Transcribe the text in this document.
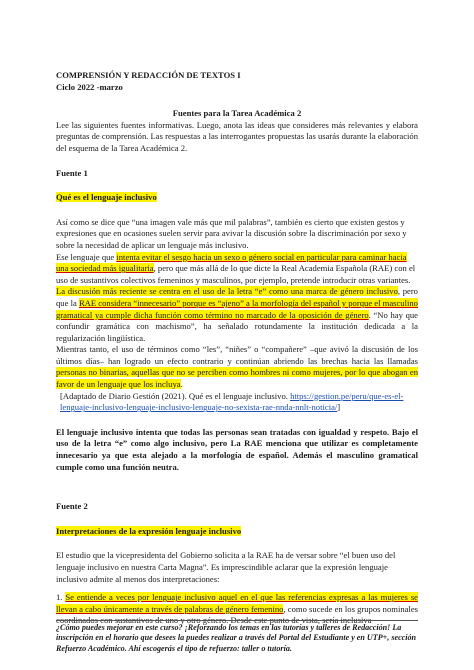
COMPRENSIÓN Y REDACCIÓN DE TEXTOS I

Ciclo 2022 -marzo

Fuentes para la Tarea Académica 2

Lee las siguientes fuentes informativas. Luego, anota las ideas que consideres más relevantes y elabora preguntas de comprensión. Las respuestas a las interrogantes propuestas las usarás durante la elaboración del esquema de la Tarea Académica 2.

Fuente 1

Qué es el lenguaje inclusivo

Así como se dice que “una imagen vale más que mil palabras”, también es cierto que existen gestos y expresiones que en ocasiones suelen servir para avivar la discusión sobre la discriminación por sexo y sobre la necesidad de aplicar un lenguaje más inclusivo.

Ese lenguaje que intenta evitar el sesgo hacia un sexo o género social en particular para caminar hacia una sociedad más igualitaria, pero que más allá de lo que dicte la Real Academia Española (RAE) con el uso de sustantivos colectivos femeninos y masculinos, por ejemplo, pretende introducir otras variantes.

La discusión más reciente se centra en el uso de la letra “e” como una marca de género inclusivo, pero que la RAE considera “innecesario” porque es “ajeno” a la morfología del español y porque el masculino gramatical ya cumple dicha función como término no marcado de la oposición de género. “No hay que confundir gramática con machismo”, ha señalado rotundamente la institución dedicada a la regularización lingüística.

Mientras tanto, el uso de términos como “les”, “niñes” o “compañere” –que avivó la discusión de los últimos días– han logrado un efecto contrario y continúan abriendo las brechas hacia las llamadas personas no binarias, aquellas que no se perciben como hombres ni como mujeres, por lo que abogan en favor de un lenguaje que los incluya.

[Adaptado de Diario Gestión (2021). Qué es el lenguaje inclusivo. https://gestion.pe/peru/que-es-el-lenguaje-inclusivo-lenguaje-inclusivo-lenguaje-no-sexista-rae-nnda-nnlt-noticia/]

El lenguaje inclusivo intenta que todas las personas sean tratadas con igualdad y respeto. Bajo el uso de la letra “e” como algo inclusivo, pero La RAE menciona que utilizar es completamente innecesario ya que esta alejado a la morfología de español. Además el masculino gramatical cumple como una función neutra.

Fuente 2

Interpretaciones de la expresión lenguaje inclusivo

El estudio que la vicepresidenta del Gobierno solicita a la RAE ha de versar sobre “el buen uso del lenguaje inclusivo en nuestra Carta Magna”. Es imprescindible aclarar que la expresión lenguaje inclusivo admite al menos dos interpretaciones:

1. Se entiende a veces por lenguaje inclusivo aquel en el que las referencias expresas a las mujeres se llevan a cabo únicamente a través de palabras de género femenino, como sucede en los grupos nominales coordinados con sustantivos de uno y otro género. Desde este punto de vista, sería inclusiva

¿Cómo puedes mejorar en este curso? ¡Reforzando los temas en las tutorías y talleres de Redacción! La inscripción en el horario que desees la puedes realizar a través del Portal del Estudiante y en UTP+, sección Refuerzo Académico. Ahí escogerás el tipo de refuerzo: taller o tutoría.
